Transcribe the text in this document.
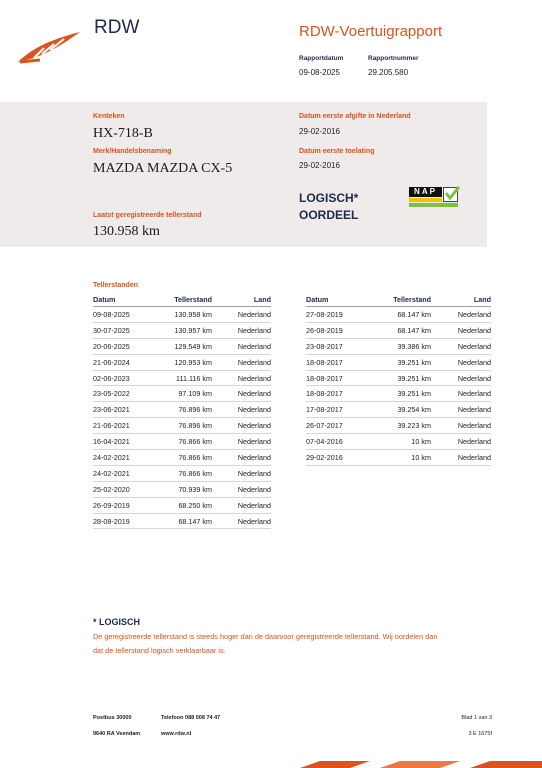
RDW	RDW-Voertuigrapport
Rapportdatum
09-08-2025
Rapportnummer
29.205.580
Kenteken
HX-718-B
Merk/Handelsbenaming
MAZDA MAZDA CX-5
Laatst geregistreerde tellerstand
130.958 km
Datum eerste afgifte in Nederland
29-02-2016
Datum eerste toelating
29-02-2016
LOGISCH*
OORDEEL
NAP
Tellerstanden
Datum	Tellerstand	Land
09-08-2025	130.958 km	Nederland
30-07-2025	130.957 km	Nederland
20-06-2025	129.549 km	Nederland
21-06-2024	120.953 km	Nederland
02-06-2023	111.116 km	Nederland
23-05-2022	97.109 km	Nederland
23-06-2021	76.896 km	Nederland
21-06-2021	76.896 km	Nederland
16-04-2021	76.866 km	Nederland
24-02-2021	76.866 km	Nederland
24-02-2021	76.866 km	Nederland
25-02-2020	70.939 km	Nederland
26-09-2019	68.250 km	Nederland
28-08-2019	68.147 km	Nederland
Datum	Tellerstand	Land
27-08-2019	68.147 km	Nederland
26-08-2019	68.147 km	Nederland
23-08-2017	39.386 km	Nederland
18-08-2017	39.251 km	Nederland
18-08-2017	39.251 km	Nederland
18-08-2017	39.251 km	Nederland
17-08-2017	39.254 km	Nederland
26-07-2017	39.223 km	Nederland
07-04-2016	10 km	Nederland
29-02-2016	10 km	Nederland
* LOGISCH
De geregistreerde tellerstand is steeds hoger dan de daarvoor geregistreerde tellerstand. Wij oordelen dan
dat de tellerstand logisch verklaarbaar is.
Postbus 30000
9640 RA Veendam
Telefoon 088 008 74 47
www.rdw.nl
Blad 1 van 3
3 E 1675f
